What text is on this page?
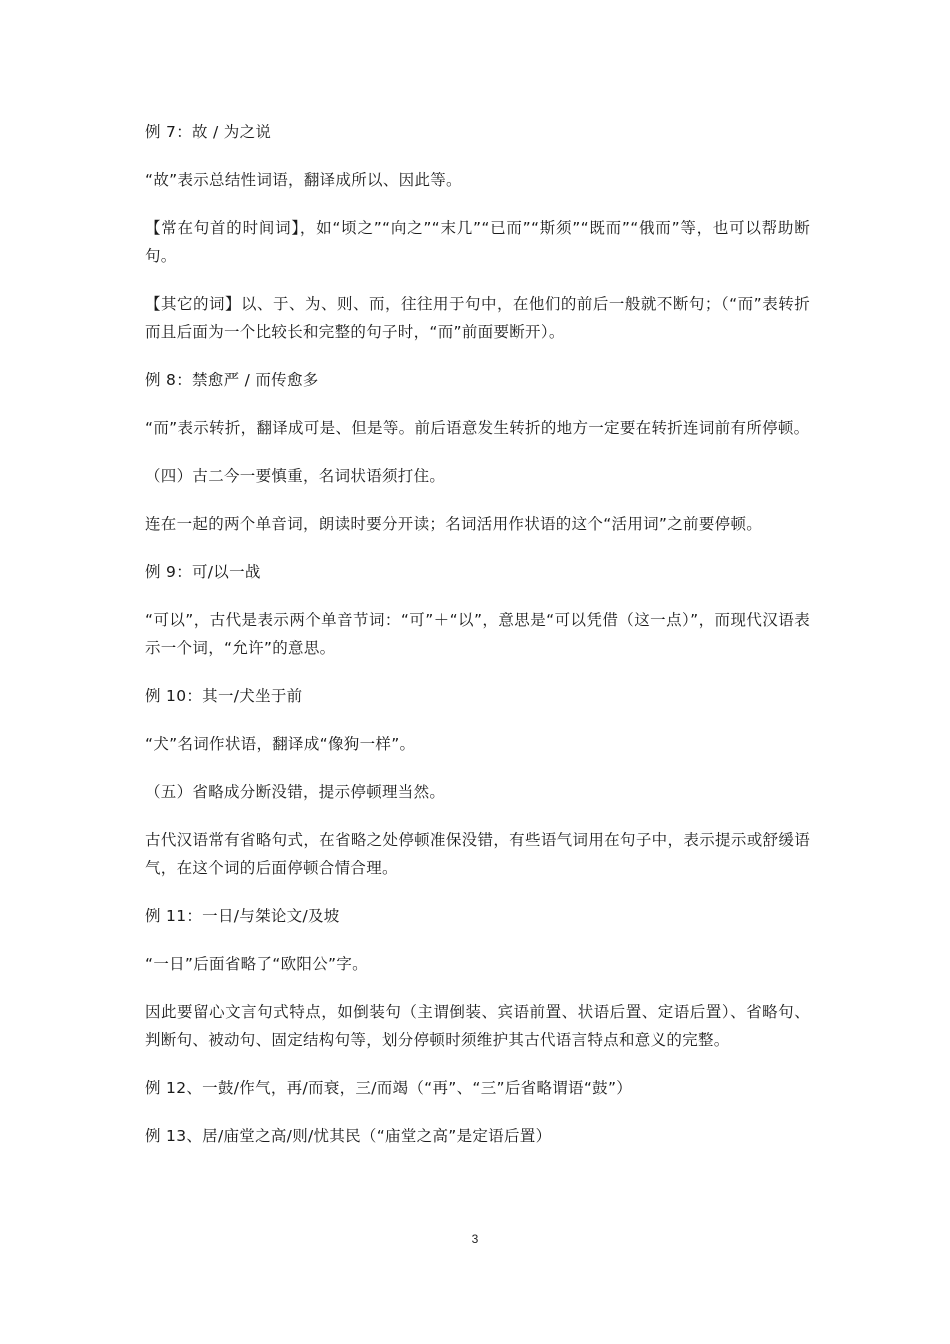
例 7：故 / 为之说

“故”表示总结性词语，翻译成所以、因此等。

【常在句首的时间词】，如“顷之”“向之”“末几”“已而”“斯须”“既而”“俄而”等，也可以帮助断句。

【其它的词】以、于、为、则、而，往往用于句中，在他们的前后一般就不断句；（“而”表转折而且后面为一个比较长和完整的句子时，“而”前面要断开）。

例 8：禁愈严 / 而传愈多

“而”表示转折，翻译成可是、但是等。前后语意发生转折的地方一定要在转折连词前有所停顿。

（四）古二今一要慎重，名词状语须打住。

连在一起的两个单音词，朗读时要分开读；名词活用作状语的这个“活用词”之前要停顿。

例 9：可/以一战

“可以”，古代是表示两个单音节词：“可”＋“以”，意思是“可以凭借（这一点）”，而现代汉语表示一个词，“允许”的意思。

例 10：其一/犬坐于前

“犬”名词作状语，翻译成“像狗一样”。

（五）省略成分断没错，提示停顿理当然。

古代汉语常有省略句式，在省略之处停顿准保没错，有些语气词用在句子中，表示提示或舒缓语气，在这个词的后面停顿合情合理。

例 11：一日/与桀论文/及坡

“一日”后面省略了“欧阳公”字。

因此要留心文言句式特点，如倒装句（主谓倒装、宾语前置、状语后置、定语后置）、省略句、判断句、被动句、固定结构句等，划分停顿时须维护其古代语言特点和意义的完整。

例 12、一鼓/作气，再/而衰，三/而竭（“再”、“三”后省略谓语“鼓”）

例 13、居/庙堂之高/则/忧其民（“庙堂之高”是定语后置）

3
